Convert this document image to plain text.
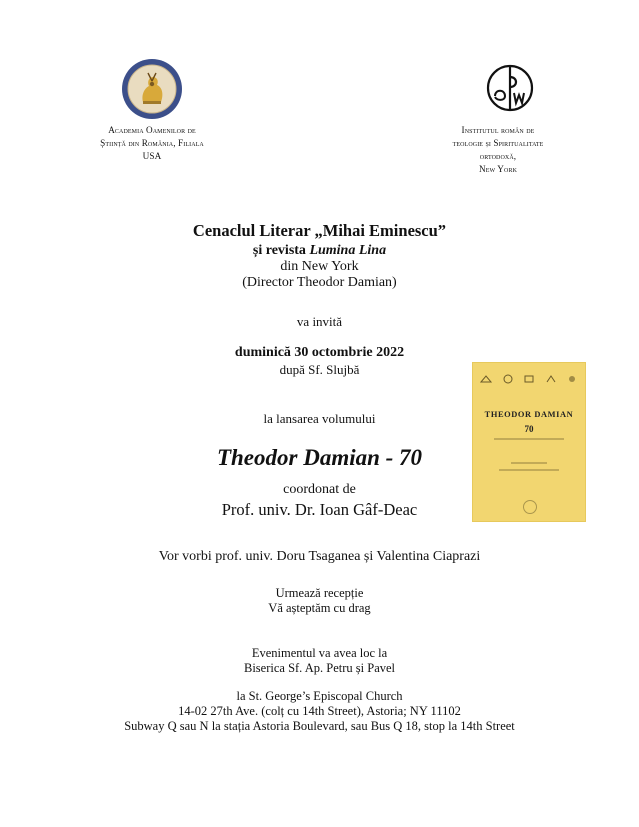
Academia Oamenilor de
Știință din România, Filiala
USA
Institutul român de
teologie și Spiritualitate
ortodoxă,
New York
Cenaclul Literar „Mihai Eminescu”
și revista Lumina Lina
din New York
(Director Theodor Damian)
va invită
duminică 30 octombrie 2022
după Sf. Slujbă
la lansarea volumului
Theodor Damian - 70
coordonat de
Prof. univ. Dr. Ioan Gâf-Deac
Vor vorbi prof. univ. Doru Tsaganea și Valentina Ciaprazi
Urmează recepție
Vă așteptăm cu drag
Evenimentul va avea loc la
Biserica Sf. Ap. Petru și Pavel
la St. George’s Episcopal Church
14-02 27th Ave. (colț cu 14th Street), Astoria; NY 11102
Subway Q sau N la stația Astoria Boulevard, sau Bus Q 18, stop la 14th Street
THEODOR DAMIAN
70
